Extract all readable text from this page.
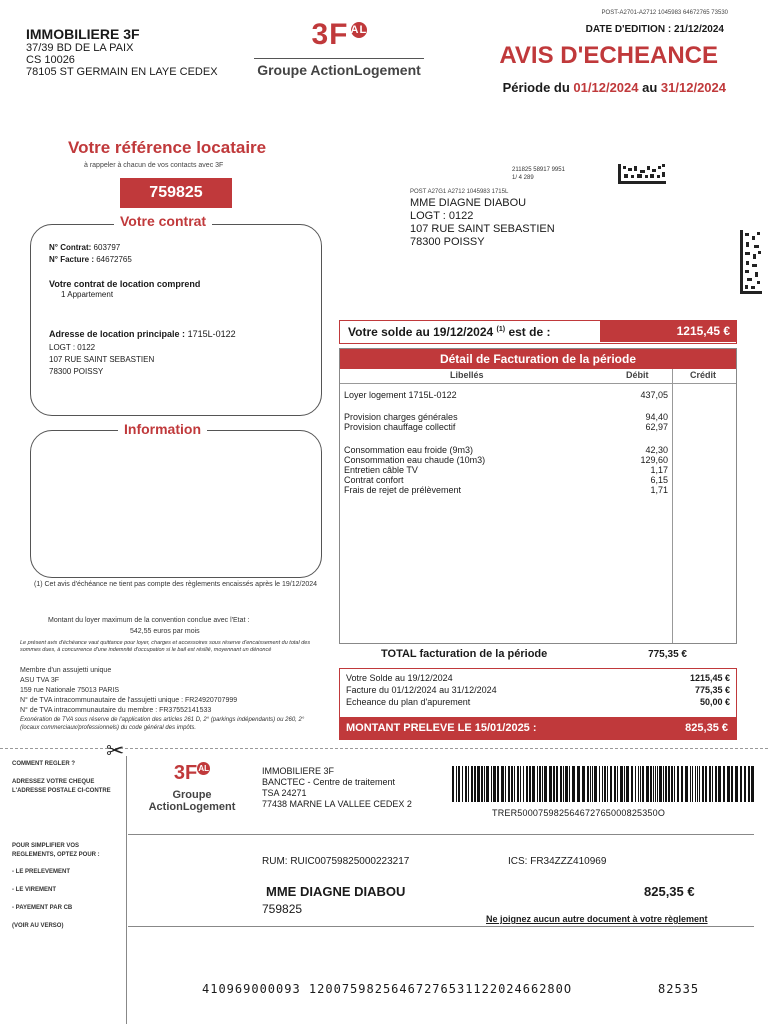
IMMOBILIERE 3F
37/39 BD DE LA PAIX
CS 10026
78105 ST GERMAIN EN LAYE CEDEX
3F $^{AL}$
Groupe ActionLogement
POST-A2701-A2712 1045983 64672765 73530
DATE D'EDITION : 21/12/2024
AVIS D'ECHEANCE
Période du 01/12/2024 au 31/12/2024
Votre référence locataire
à rappeler à chacun de vos contacts avec 3F
759825
N° Contrat: 603797
N° Facture : 64672765
Votre contrat de location comprend
1 Appartement
Adresse de location principale : 1715L-0122
LOGT : 0122
107 RUE SAINT SEBASTIEN
78300 POISSY
Votre contrat
Information
(1) Cet avis d'échéance ne tient pas compte des règlements encaissés après le 19/12/2024
Montant du loyer maximum de la convention conclue avec l'Etat :
542,55 euros par mois
Le présent avis d'échéance vaut quittance pour loyer, charges et accessoires sous réserve d'encaissement du total des sommes dues, à concurrence d'une indemnité d'occupation si le bail est résilié, moyennant un dénoncé
Membre d'un assujetti unique
ASU TVA 3F
159 rue Nationale 75013 PARIS
N° de TVA intracommunautaire de l'assujetti unique : FR24920707999
N° de TVA intracommunautaire du membre : FR37552141533
Exonération de TVA sous réserve de l'application des articles 261 D, 2° (parkings indépendants) ou 260, 2° (locaux commerciaux/professionnels) du code général des impôts.
211825 58917 9951
1/ 4 289
POST A27G1 A2712 1045983 1715L
MME DIAGNE DIABOU
LOGT : 0122
107 RUE SAINT SEBASTIEN
78300 POISSY
Votre solde au 19/12/2024 $^{(1)}$ est de :	1215,45 €
Détail de Facturation de la période
Libellés	Débit	Crédit
Loyer logement 1715L-0122	437,05
Provision charges générales	94,40
Provision chauffage collectif	62,97
Consommation eau froide (9m3)	42,30
Consommation eau chaude (10m3)	129,60
Entretien câble TV	1,17
Contrat confort	6,15
Frais de rejet de prélèvement	1,71
TOTAL facturation de la période	775,35 €
Votre Solde au 19/12/2024	1215,45 €
Facture du 01/12/2024 au 31/12/2024	775,35 €
Echeance du plan d'apurement	50,00 €
MONTANT PRELEVE LE 15/01/2025 :	825,35 €
✂
COMMENT REGLER ?
ADRESSEZ VOTRE CHEQUE
L'ADRESSE POSTALE CI-CONTRE
POUR SIMPLIFIER VOS
REGLEMENTS, OPTEZ POUR :
- LE PRELEVEMENT
- LE VIREMENT
- PAYEMENT PAR CB
(VOIR AU VERSO)
$3F^{AL}$
Groupe ActionLogement
IMMOBILIERE 3F
BANCTEC - Centre de traitement
TSA 24271
77438 MARNE LA VALLEE CEDEX 2
TRER500075982564672765000825350O
RUM: RUIC00759825000223217	ICS: FR34ZZZ410969
MME DIAGNE DIABOU
759825
825,35 €
Ne joignez aucun autre document à votre règlement
410969000093 1200759825646727653112202466280O	82535
